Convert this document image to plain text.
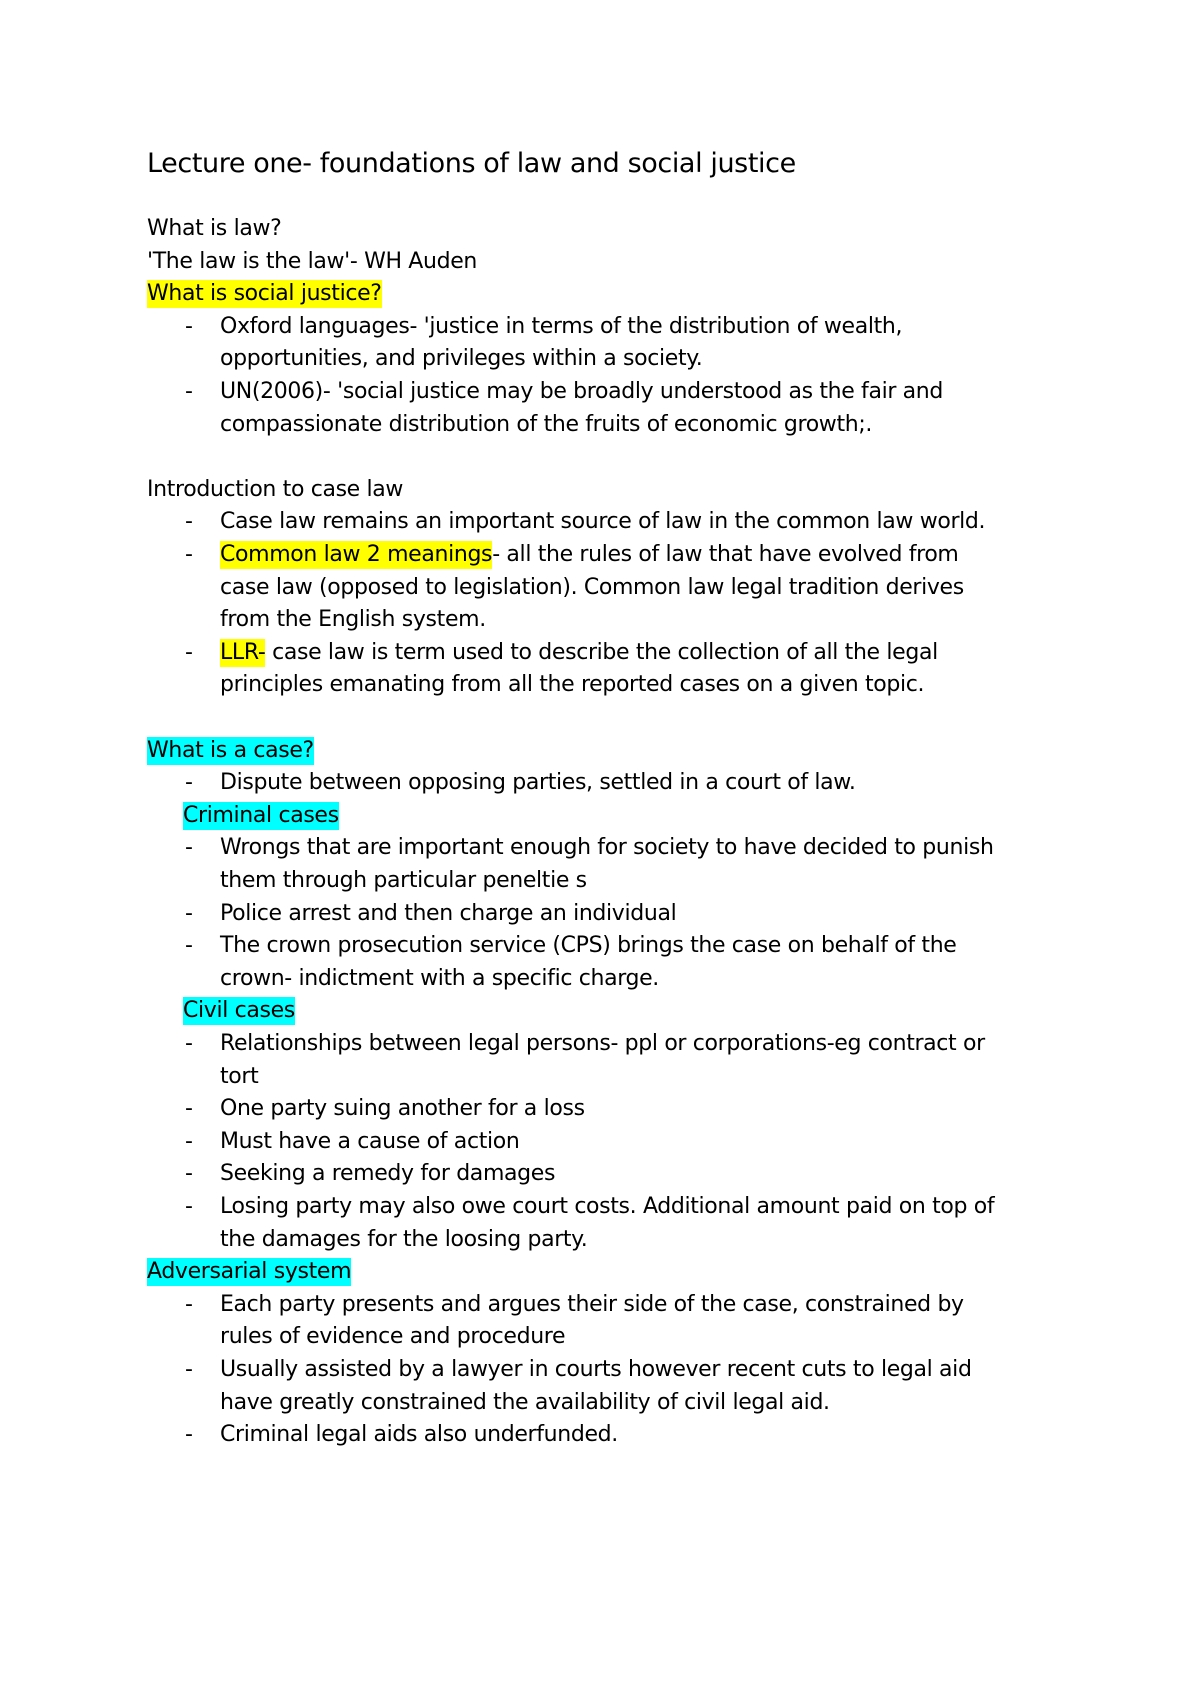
Lecture one- foundations of law and social justice
What is law?
'The law is the law'- WH Auden
What is social justice?
-	Oxford languages- 'justice in terms of the distribution of wealth,
opportunities, and privileges within a society.
-	UN(2006)- 'social justice may be broadly understood as the fair and
compassionate distribution of the fruits of economic growth;.
Introduction to case law
-	Case law remains an important source of law in the common law world.
-	Common law 2 meanings- all the rules of law that have evolved from
case law (opposed to legislation). Common law legal tradition derives
from the English system.
-	LLR- case law is term used to describe the collection of all the legal
principles emanating from all the reported cases on a given topic.
What is a case?
-	Dispute between opposing parties, settled in a court of law.
Criminal cases
-	Wrongs that are important enough for society to have decided to punish
them through particular peneltie s
-	Police arrest and then charge an individual
-	The crown prosecution service (CPS) brings the case on behalf of the
crown- indictment with a specific charge.
Civil cases
-	Relationships between legal persons- ppl or corporations-eg contract or
tort
-	One party suing another for a loss
-	Must have a cause of action
-	Seeking a remedy for damages
-	Losing party may also owe court costs. Additional amount paid on top of
the damages for the loosing party.
Adversarial system
-	Each party presents and argues their side of the case, constrained by
rules of evidence and procedure
-	Usually assisted by a lawyer in courts however recent cuts to legal aid
have greatly constrained the availability of civil legal aid.
-	Criminal legal aids also underfunded.
